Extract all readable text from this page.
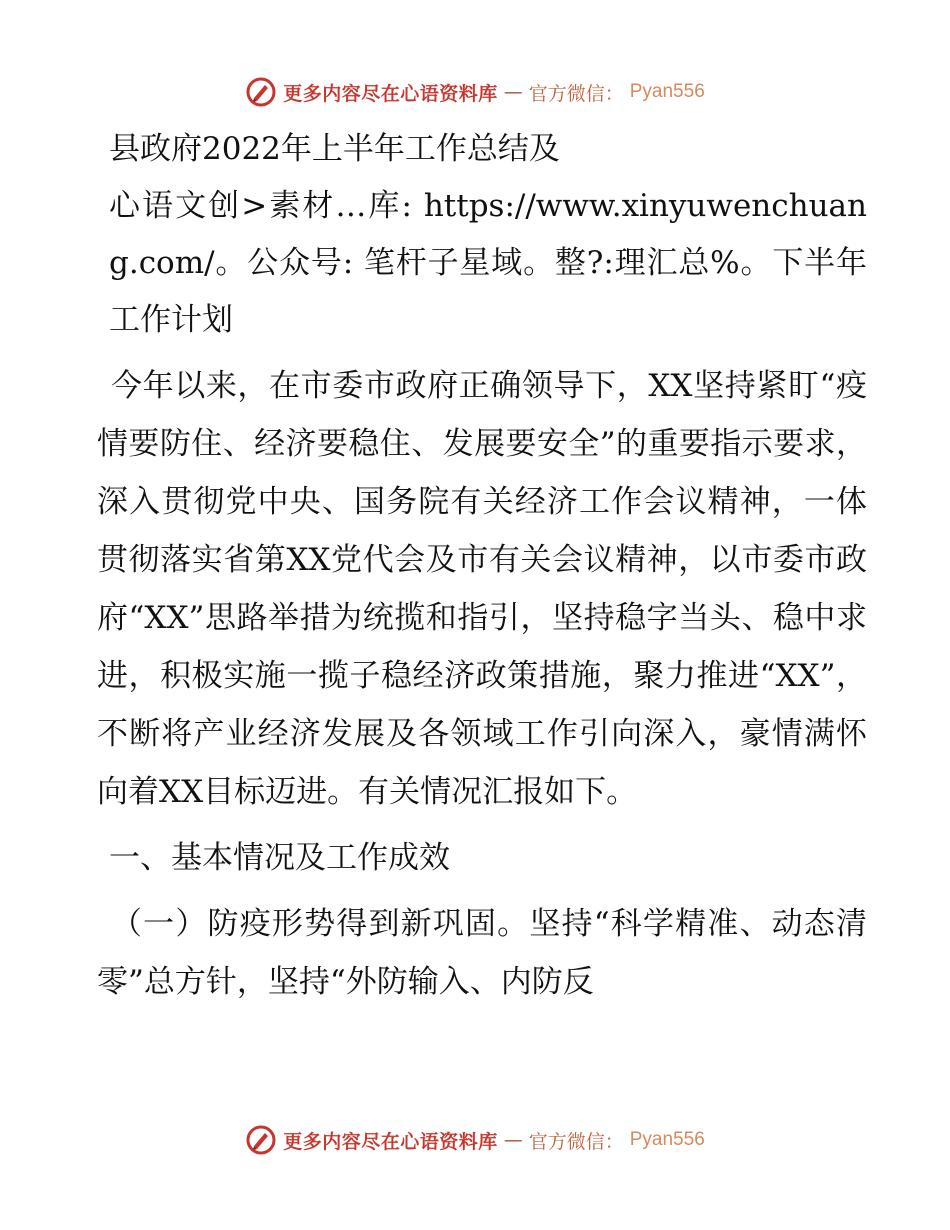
更多内容尽在心语资料库 — 官方微信： Pyan556

县政府2022年上半年工作总结及

心语文创>素材…库: https://www.xinyuwenchuang.com/。公众号: 笔杆子星域。整?:理汇总%。下半年工作计划

今年以来，在市委市政府正确领导下，XX坚持紧盯“疫情要防住、经济要稳住、发展要安全”的重要指示要求，深入贯彻党中央、国务院有关经济工作会议精神，一体贯彻落实省第XX党代会及市有关会议精神，以市委市政府“XX”思路举措为统揽和指引，坚持稳字当头、稳中求进，积极实施一揽子稳经济政策措施，聚力推进“XX”，不断将产业经济发展及各领域工作引向深入，豪情满怀向着XX目标迈进。有关情况汇报如下。

一、基本情况及工作成效

（一）防疫形势得到新巩固。坚持“科学精准、动态清零”总方针，坚持“外防输入、内防反

更多内容尽在心语资料库 — 官方微信： Pyan556
